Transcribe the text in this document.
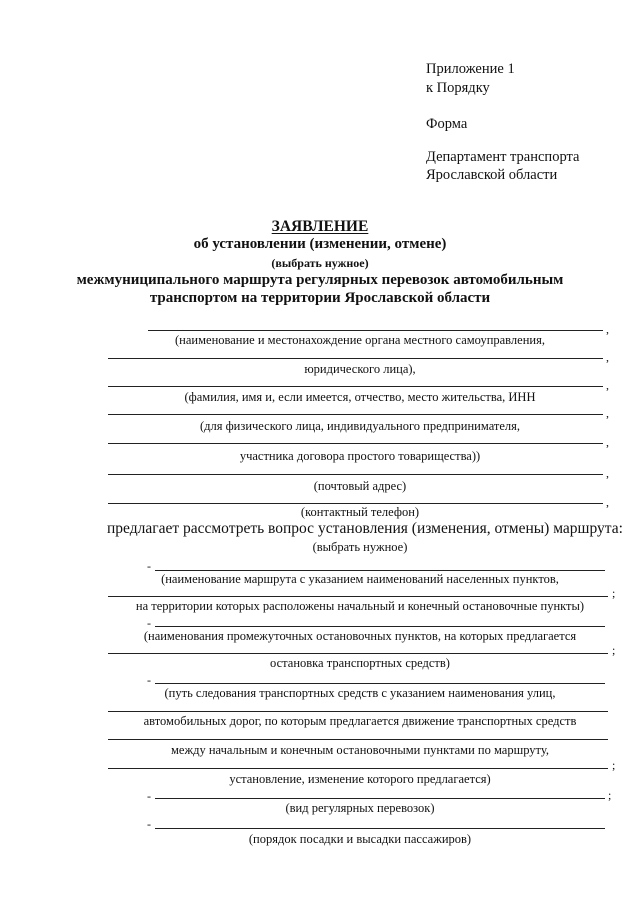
Приложение 1
к Порядку
Форма
Департамент транспорта
Ярославской области
ЗАЯВЛЕНИЕ
об установлении (изменении, отмене)
(выбрать нужное)
межмуниципального маршрута регулярных перевозок автомобильным
транспортом на территории Ярославской области
,
(наименование и местонахождение органа местного самоуправления,
,
юридического лица),
,
(фамилия, имя и, если имеется, отчество, место жительства, ИНН
,
(для физического лица, индивидуального предпринимателя,
,
участника договора простого товарищества))
,
(почтовый адрес)
,
(контактный телефон)
предлагает рассмотреть вопрос установления (изменения, отмены) маршрута:
(выбрать нужное)
-
(наименование маршрута с указанием наименований населенных пунктов,
;
на территории которых расположены начальный и конечный остановочные пункты)
-
(наименования промежуточных остановочных пунктов, на которых предлагается
;
остановка транспортных средств)
-
(путь следования транспортных средств с указанием наименования улиц,
автомобильных дорог, по которым предлагается движение транспортных средств
между начальным и конечным остановочными пунктами по маршруту,
;
установление, изменение которого предлагается)
-	;
(вид регулярных перевозок)
-
(порядок посадки и высадки пассажиров)
